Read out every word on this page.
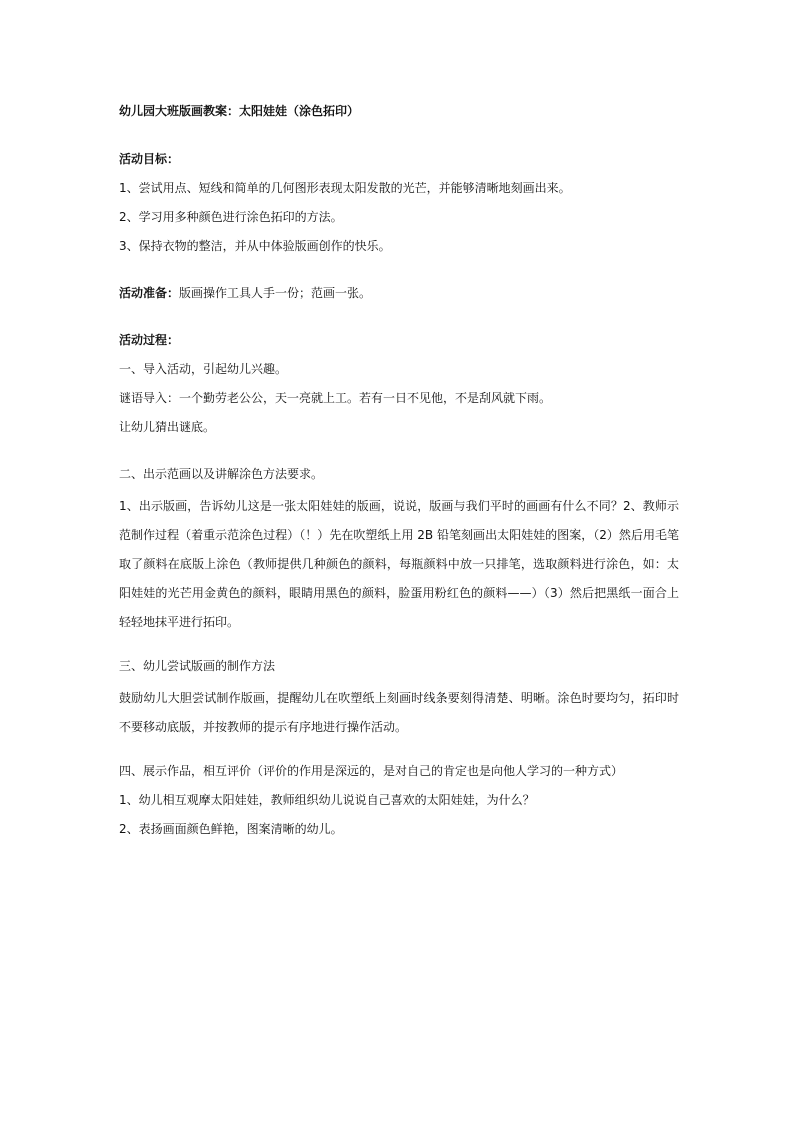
幼儿园大班版画教案：太阳娃娃（涂色拓印）

活动目标：

1、尝试用点、短线和简单的几何图形表现太阳发散的光芒，并能够清晰地刻画出来。

2、学习用多种颜色进行涂色拓印的方法。

3、保持衣物的整洁，并从中体验版画创作的快乐。

活动准备：版画操作工具人手一份；范画一张。

活动过程：

一、导入活动，引起幼儿兴趣。

谜语导入：一个勤劳老公公，天一亮就上工。若有一日不见他，不是刮风就下雨。

让幼儿猜出谜底。

二、出示范画以及讲解涂色方法要求。

1、出示版画，告诉幼儿这是一张太阳娃娃的版画，说说，版画与我们平时的画画有什么不同？2、教师示范制作过程（着重示范涂色过程）（！）先在吹塑纸上用 2B 铅笔刻画出太阳娃娃的图案，（2）然后用毛笔取了颜料在底版上涂色（教师提供几种颜色的颜料，每瓶颜料中放一只排笔，选取颜料进行涂色，如：太阳娃娃的光芒用金黄色的颜料，眼睛用黑色的颜料，脸蛋用粉红色的颜料——）（3）然后把黑纸一面合上轻轻地抹平进行拓印。

三、幼儿尝试版画的制作方法

鼓励幼儿大胆尝试制作版画，提醒幼儿在吹塑纸上刻画时线条要刻得清楚、明晰。涂色时要均匀，拓印时不要移动底版，并按教师的提示有序地进行操作活动。

四、展示作品，相互评价（评价的作用是深远的，是对自己的肯定也是向他人学习的一种方式）

1、幼儿相互观摩太阳娃娃，教师组织幼儿说说自己喜欢的太阳娃娃，为什么？

2、表扬画面颜色鲜艳，图案清晰的幼儿。
